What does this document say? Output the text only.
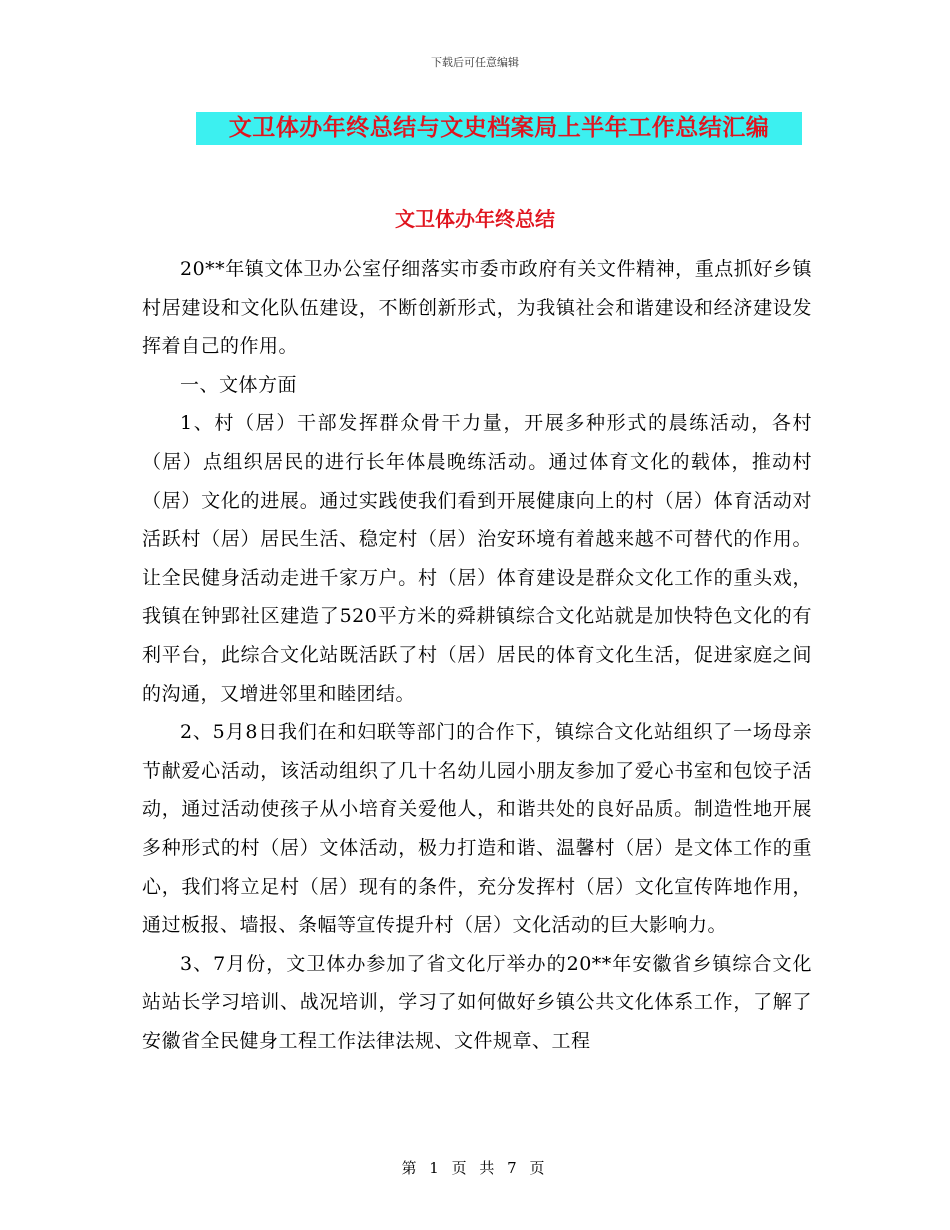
下载后可任意编辑
文卫体办年终总结与文史档案局上半年工作总结汇编
文卫体办年终总结

20**年镇文体卫办公室仔细落实市委市政府有关文件精神，重点抓好乡镇村居建设和文化队伍建设，不断创新形式，为我镇社会和谐建设和经济建设发挥着自己的作用。

一、文体方面

1、村（居）干部发挥群众骨干力量，开展多种形式的晨练活动，各村（居）点组织居民的进行长年体晨晚练活动。通过体育文化的载体，推动村（居）文化的进展。通过实践使我们看到开展健康向上的村（居）体育活动对活跃村（居）居民生活、稳定村（居）治安环境有着越来越不可替代的作用。让全民健身活动走进千家万户。村（居）体育建设是群众文化工作的重头戏，我镇在钟郢社区建造了520平方米的舜耕镇综合文化站就是加快特色文化的有利平台，此综合文化站既活跃了村（居）居民的体育文化生活，促进家庭之间的沟通，又增进邻里和睦团结。

2、5月8日我们在和妇联等部门的合作下，镇综合文化站组织了一场母亲节献爱心活动，该活动组织了几十名幼儿园小朋友参加了爱心书室和包饺子活动，通过活动使孩子从小培育关爱他人，和谐共处的良好品质。制造性地开展多种形式的村（居）文体活动，极力打造和谐、温馨村（居）是文体工作的重心，我们将立足村（居）现有的条件，充分发挥村（居）文化宣传阵地作用，通过板报、墙报、条幅等宣传提升村（居）文化活动的巨大影响力。

3、7月份，文卫体办参加了省文化厅举办的20**年安徽省乡镇综合文化站站长学习培训、战况培训，学习了如何做好乡镇公共文化体系工作，了解了安徽省全民健身工程工作法律法规、文件规章、工程

第 1 页 共 7 页
